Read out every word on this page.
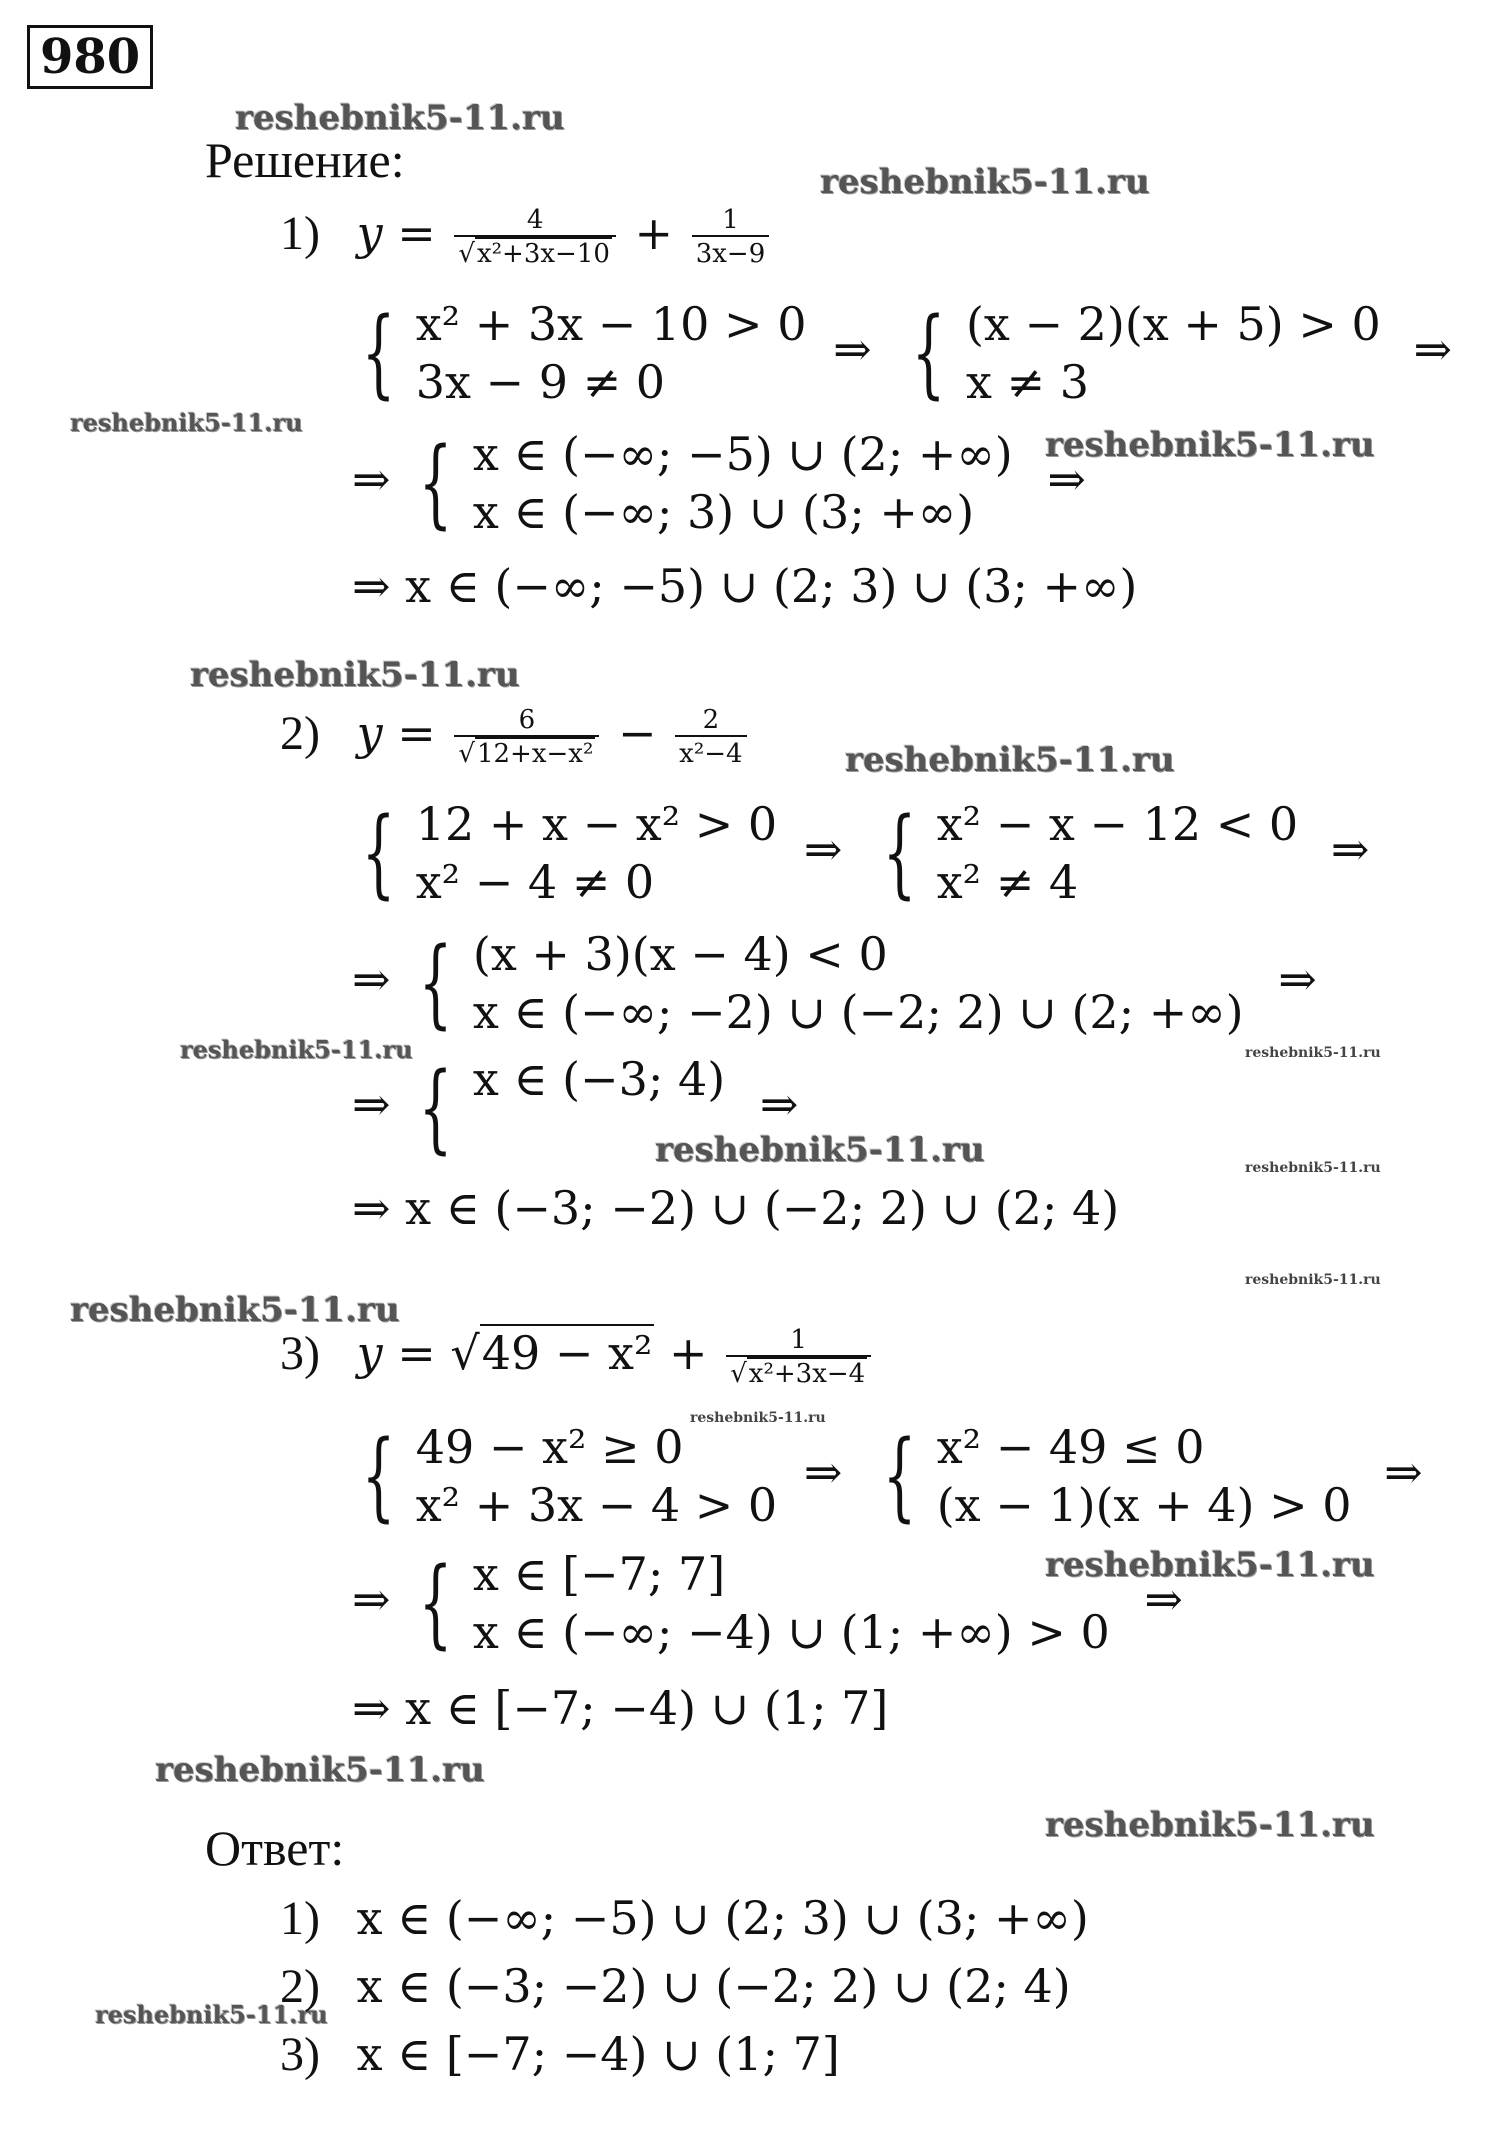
980
reshebnik5-11.ru
reshebnik5-11.ru
reshebnik5-11.ru
reshebnik5-11.ru
reshebnik5-11.ru
reshebnik5-11.ru
reshebnik5-11.ru	reshebnik5-11.ru
reshebnik5-11.ru	reshebnik5-11.ru
reshebnik5-11.ru
reshebnik5-11.ru
reshebnik5-11.ru
reshebnik5-11.ru
reshebnik5-11.ru
reshebnik5-11.ru
reshebnik5-11.ru
Решение:
1) $y = \frac{4}{\text{√x²+3x−10}} + \frac{1}{3x-9}$
{ x² + 3x − 10 > 0
3x − 9 ≠ 0
⇒ { (x − 2)(x + 5) > 0
x ≠ 3
⇒
⇒ { x ∈ (−∞; −5) ∪ (2; +∞)
x ∈ (−∞; 3) ∪ (3; +∞)
⇒
⇒ x ∈ (−∞; −5) ∪ (2; 3) ∪ (3; +∞)
2) $y = \frac{6}{\text{√12+x−x²}} - \frac{2}{\text{x²−4}}$
{ 12 + x − x² > 0
x² − 4 ≠ 0
⇒ { x² − x − 12 < 0
x² ≠ 4
⇒
⇒ { (x + 3)(x − 4) < 0
x ∈ (−∞; −2) ∪ (−2; 2) ∪ (2; +∞)
⇒
⇒ { x ∈ (−3; 4)
⇒
⇒ x ∈ (−3; −2) ∪ (−2; 2) ∪ (2; 4)
3) $y = √49 - x^2 + \frac{1}{\text{√x²+3x−4}}$
{ 49 − x² ≥ 0
x² + 3x − 4 > 0
⇒ { x² − 49 ≤ 0
(x − 1)(x + 4) > 0
⇒
⇒ { x ∈ [−7; 7]
x ∈ (−∞; −4) ∪ (1; +∞) > 0
⇒
⇒ x ∈ [−7; −4) ∪ (1; 7]
Ответ:
1) x ∈ (−∞; −5) ∪ (2; 3) ∪ (3; +∞)
2) x ∈ (−3; −2) ∪ (−2; 2) ∪ (2; 4)
3) x ∈ [−7; −4) ∪ (1; 7]
